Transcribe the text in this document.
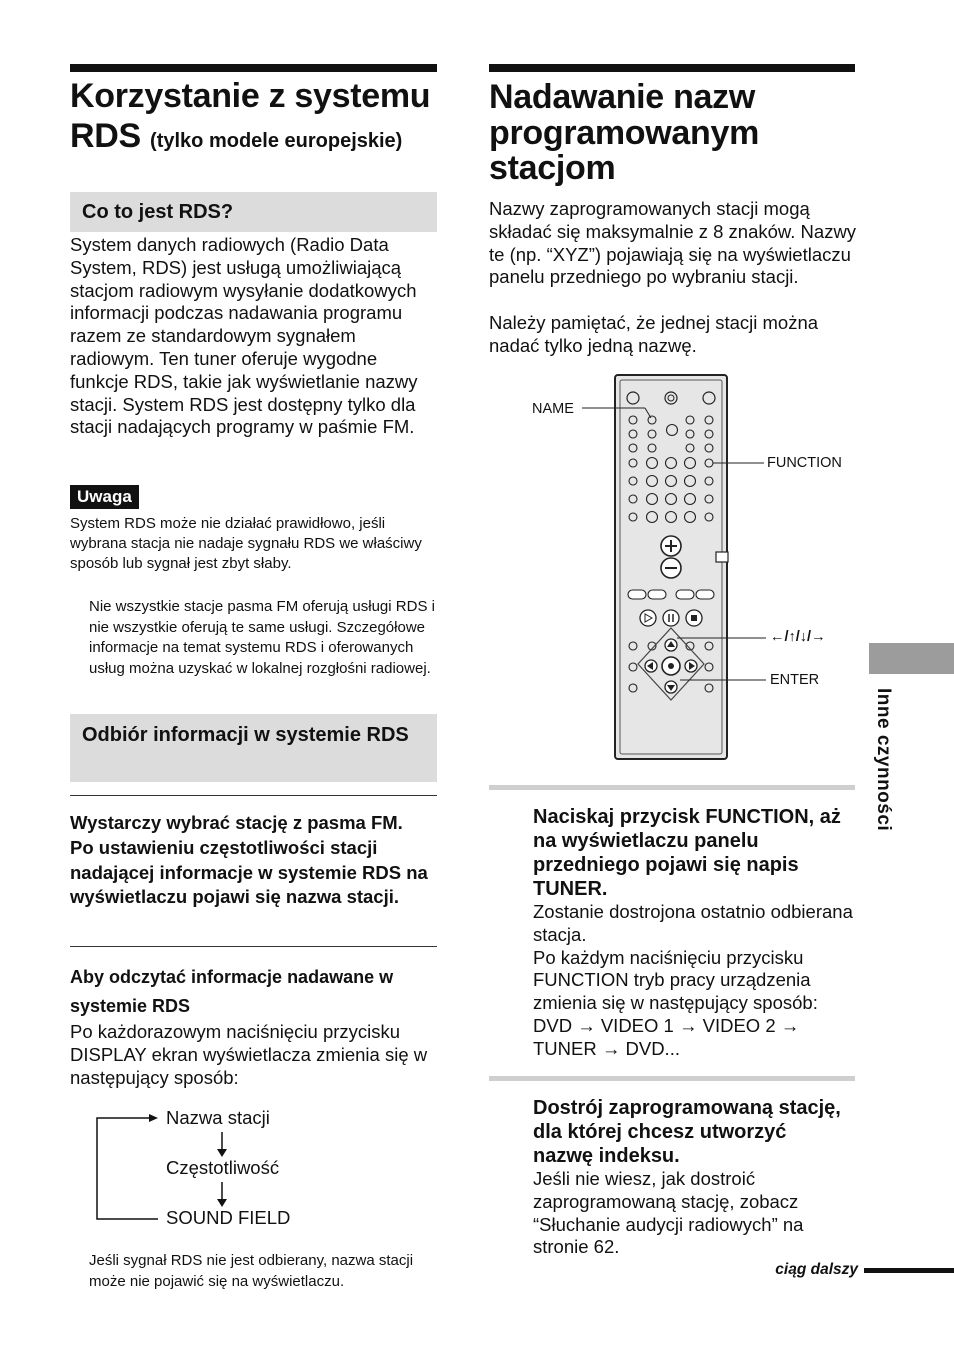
Korzystanie z systemu
RDS (tylko modele europejskie)
Co to jest RDS?

System danych radiowych (Radio Data System, RDS) jest usługą umożliwiającą stacjom radiowym wysyłanie dodatkowych informacji podczas nadawania programu razem ze standardowym sygnałem radiowym. Ten tuner oferuje wygodne funkcje RDS, takie jak wyświetlanie nazwy stacji. System RDS jest dostępny tylko dla stacji nadających programy w paśmie FM.

Uwaga

System RDS może nie działać prawidłowo, jeśli wybrana stacja nie nadaje sygnału RDS we właściwy sposób lub sygnał jest zbyt słaby.

Nie wszystkie stacje pasma FM oferują usługi RDS i nie wszystkie oferują te same usługi. Szczegółowe informacje na temat systemu RDS i oferowanych usług można uzyskać w lokalnej rozgłośni radiowej.

Odbiór informacji w systemie RDS

Wystarczy wybrać stację z pasma FM. Po ustawieniu częstotliwości stacji nadającej informacje w systemie RDS na wyświetlaczu pojawi się nazwa stacji.

Aby odczytać informacje nadawane w systemie RDS

Po każdorazowym naciśnięciu przycisku DISPLAY ekran wyświetlacza zmienia się w następujący sposób:

Nazwa stacji
Częstotliwość
SOUND FIELD

Jeśli sygnał RDS nie jest odbierany, nazwa stacji może nie pojawić się na wyświetlaczu.

Nadawanie nazw programowanym stacjom

Nazwy zaprogramowanych stacji mogą składać się maksymalnie z 8 znaków. Nazwy te (np. “XYZ”) pojawiają się na wyświetlaczu panelu przedniego po wybraniu stacji.

Należy pamiętać, że jednej stacji można nadać tylko jedną nazwę.

NAME
FUNCTION
←/↑/↓/→
ENTER
Naciskaj przycisk FUNCTION, aż na wyświetlaczu panelu przedniego pojawi się napis TUNER.

Zostanie dostrojona ostatnio odbierana stacja.

Po każdym naciśnięciu przycisku FUNCTION tryb pracy urządzenia zmienia się w następujący sposób:

DVD → VIDEO 1 → VIDEO 2 → TUNER → DVD...

Dostrój zaprogramowaną stację, dla której chcesz utworzyć nazwę indeksu.

Jeśli nie wiesz, jak dostroić zaprogramowaną stację, zobacz “Słuchanie audycji radiowych” na stronie 62.

ciąg dalszy
Inne czynności
